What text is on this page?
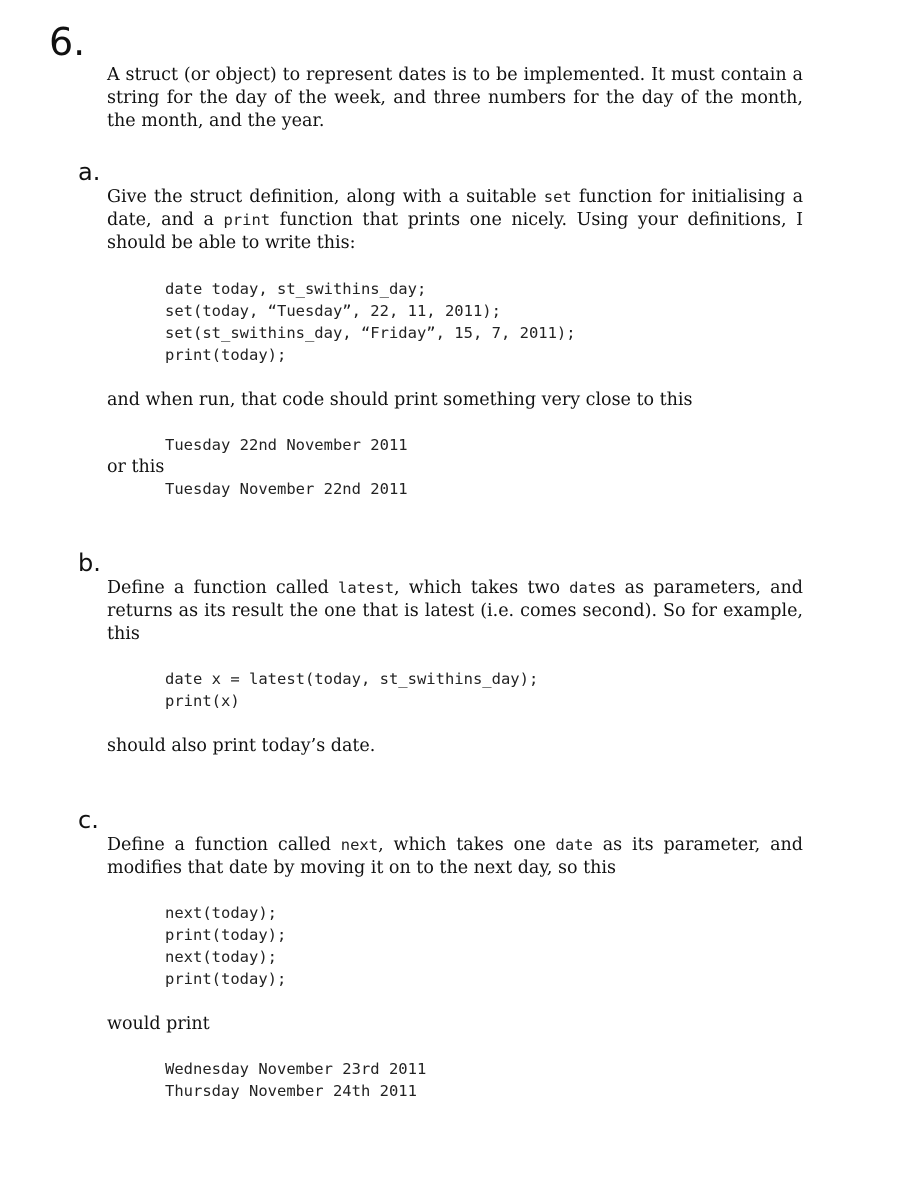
6.

A struct (or object) to represent dates is to be implemented. It must contain a string for the day of the week, and three numbers for the day of the month, the month, and the year.

a.

Give the struct definition, along with a suitable set function for initialising a date, and a print function that prints one nicely. Using your definitions, I should be able to write this:

date today, st_swithins_day;
set(today, “Tuesday”, 22, 11, 2011);
set(st_swithins_day, “Friday”, 15, 7, 2011);
print(today);
and when run, that code should print something very close to this
Tuesday 22nd November 2011
or this
Tuesday November 22nd 2011
b.

Define a function called latest, which takes two dates as parameters, and returns as its result the one that is latest (i.e. comes second). So for example, this

date x = latest(today, st_swithins_day);
print(x)
should also print today’s date.
c.

Define a function called next, which takes one date as its parameter, and modifies that date by moving it on to the next day, so this

next(today);
print(today);
next(today);
print(today);
would print
Wednesday November 23rd 2011
Thursday November 24th 2011
